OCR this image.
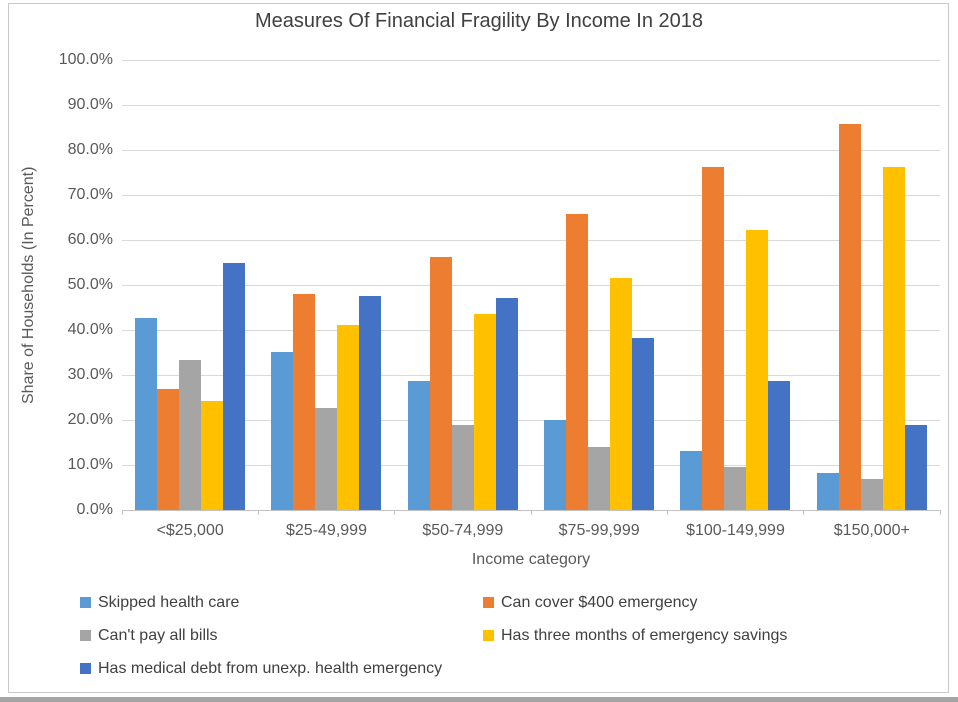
Measures Of Financial Fragility By Income In 2018
Share of Households (In Percent)
0.0%
10.0%
20.0%
30.0%
40.0%
50.0%
60.0%
70.0%
80.0%
90.0%
100.0%
<$25,000	$25-49,999	$50-74,999	$75-99,999	$100-149,999	$150,000+
Income category
Skipped health care	Can cover $400 emergency
Can't pay all bills	Has three months of emergency savings
Has medical debt from unexp. health emergency
